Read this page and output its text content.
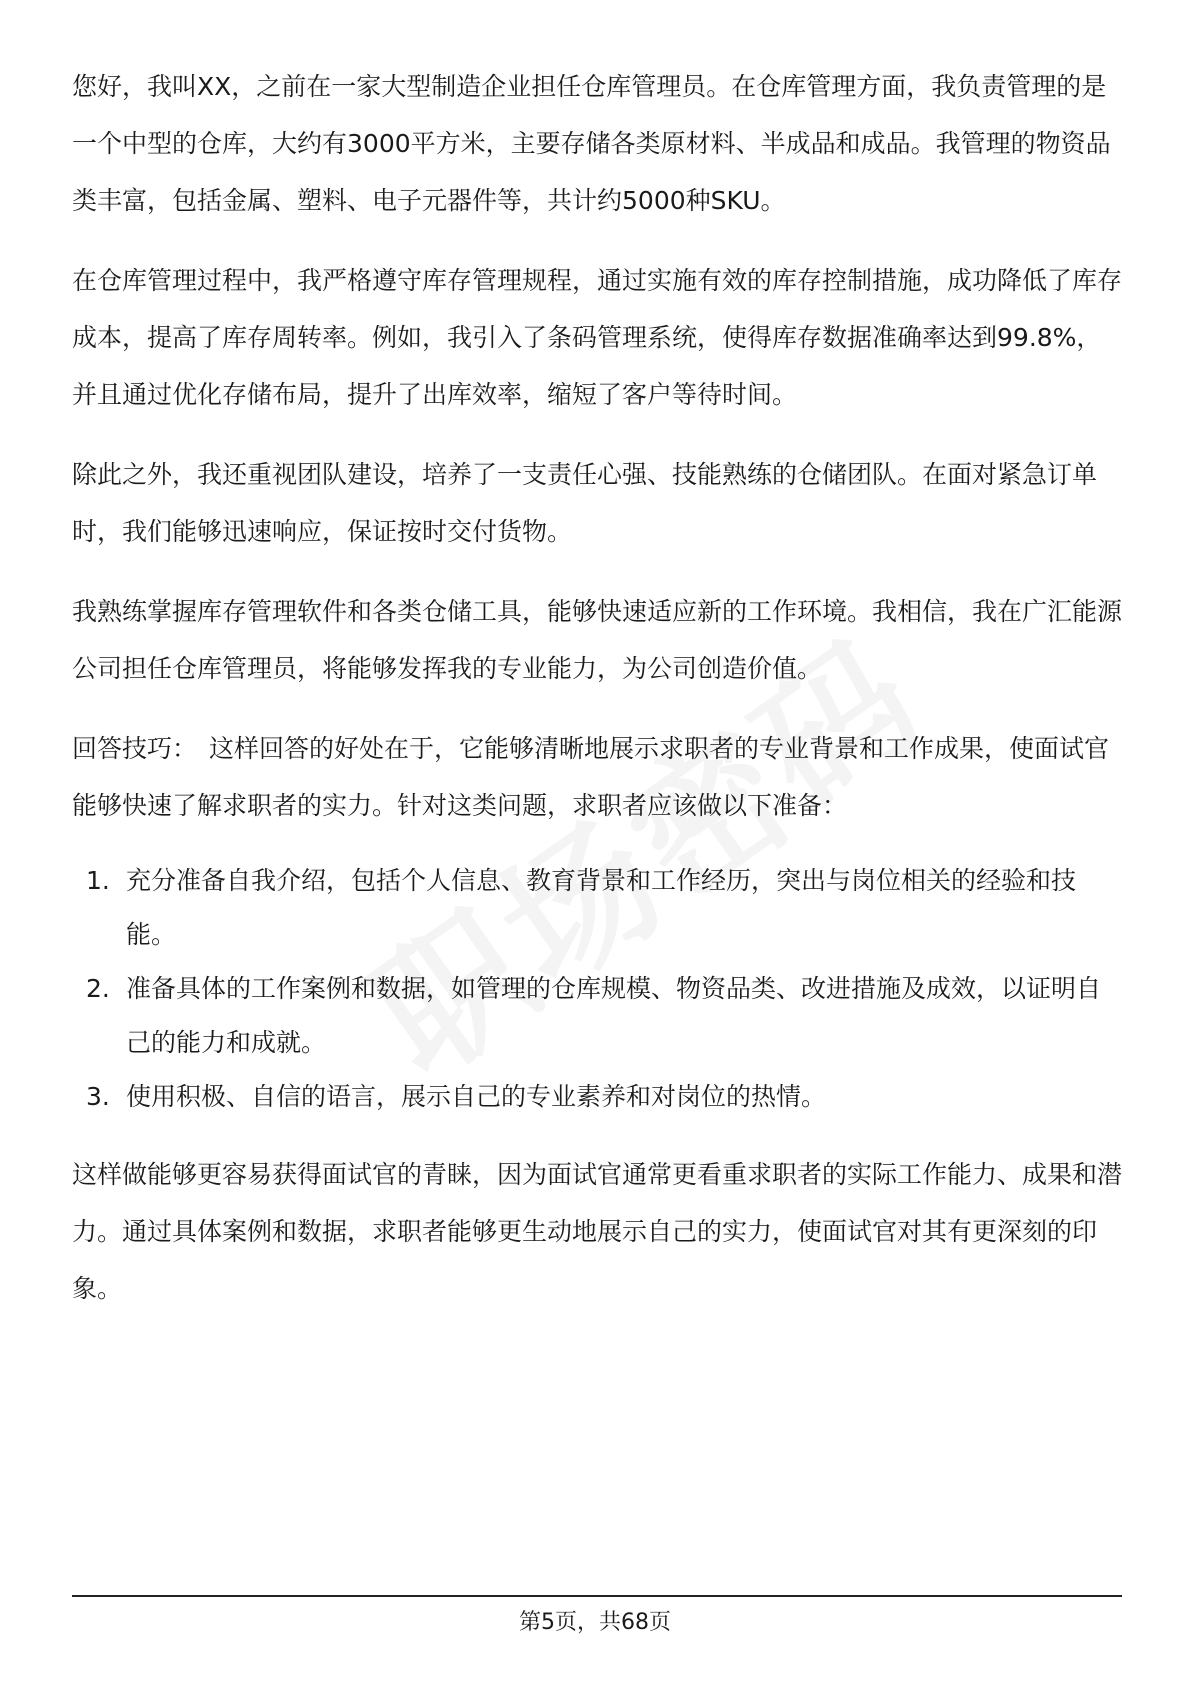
您好，我叫XX，之前在一家大型制造企业担任仓库管理员。在仓库管理方面，我负责管理的是一个中型的仓库，大约有3000平方米，主要存储各类原材料、半成品和成品。我管理的物资品类丰富，包括金属、塑料、电子元器件等，共计约5000种SKU。

在仓库管理过程中，我严格遵守库存管理规程，通过实施有效的库存控制措施，成功降低了库存成本，提高了库存周转率。例如，我引入了条码管理系统，使得库存数据准确率达到99.8%，并且通过优化存储布局，提升了出库效率，缩短了客户等待时间。

除此之外，我还重视团队建设，培养了一支责任心强、技能熟练的仓储团队。在面对紧急订单时，我们能够迅速响应，保证按时交付货物。

我熟练掌握库存管理软件和各类仓储工具，能够快速适应新的工作环境。我相信，我在广汇能源公司担任仓库管理员，将能够发挥我的专业能力，为公司创造价值。

回答技巧： 这样回答的好处在于，它能够清晰地展示求职者的专业背景和工作成果，使面试官能够快速了解求职者的实力。针对这类问题，求职者应该做以下准备：

1. 充分准备自我介绍，包括个人信息、教育背景和工作经历，突出与岗位相关的经验和技能。
2. 准备具体的工作案例和数据，如管理的仓库规模、物资品类、改进措施及成效，以证明自己的能力和成就。
3. 使用积极、自信的语言，展示自己的专业素养和对岗位的热情。

这样做能够更容易获得面试官的青睐，因为面试官通常更看重求职者的实际工作能力、成果和潜力。通过具体案例和数据，求职者能够更生动地展示自己的实力，使面试官对其有更深刻的印象。

第5页，共68页
